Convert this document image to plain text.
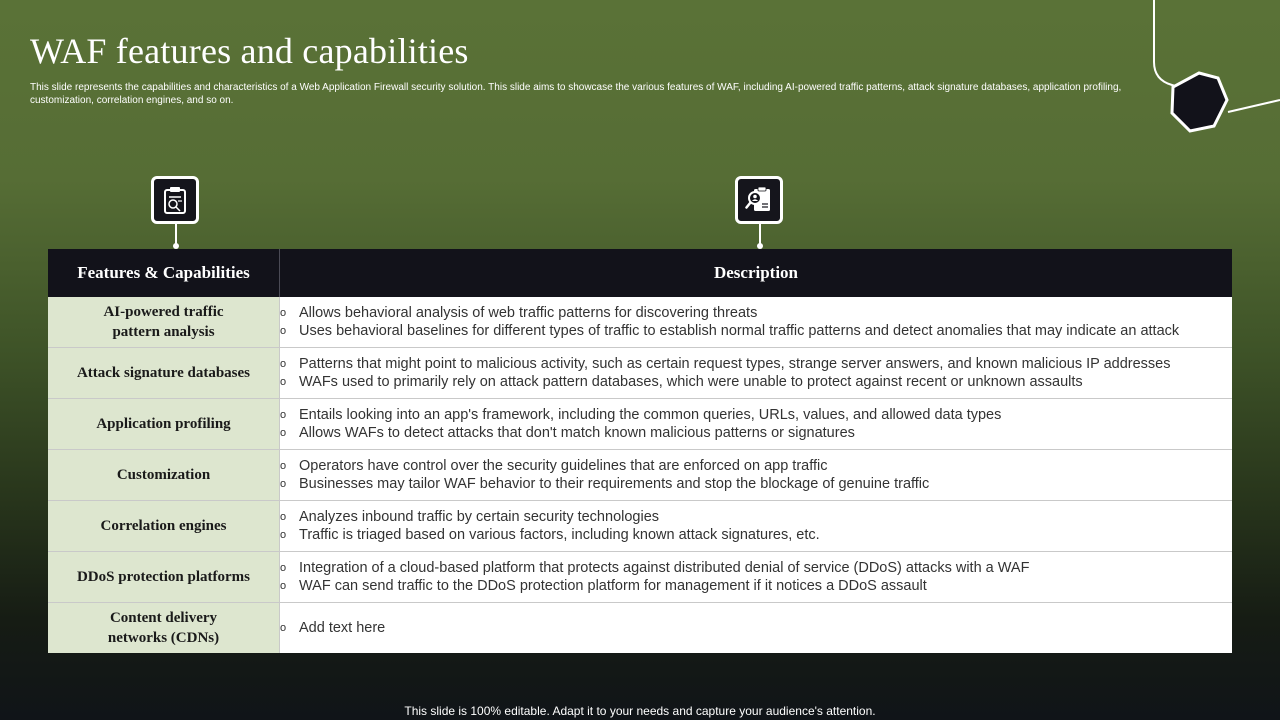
WAF features and capabilities
This slide represents the capabilities and characteristics of a Web Application Firewall security solution. This slide aims to showcase the various features of WAF, including AI-powered traffic patterns, attack signature databases, application profiling, customization, correlation engines, and so on.
Features & Capabilities	Description

AI-powered traffic pattern analysis	o Allows behavioral analysis of web traffic patterns for discovering threats
o Uses behavioral baselines for different types of traffic to establish normal traffic patterns and detect anomalies that may indicate an attack

Attack signature databases	o Patterns that might point to malicious activity, such as certain request types, strange server answers, and known malicious IP addresses
o WAFs used to primarily rely on attack pattern databases, which were unable to protect against recent or unknown assaults

Application profiling	o Entails looking into an app's framework, including the common queries, URLs, values, and allowed data types
o Allows WAFs to detect attacks that don't match known malicious patterns or signatures

Customization	o Operators have control over the security guidelines that are enforced on app traffic
o Businesses may tailor WAF behavior to their requirements and stop the blockage of genuine traffic

Correlation engines	o Analyzes inbound traffic by certain security technologies
o Traffic is triaged based on various factors, including known attack signatures, etc.

DDoS protection platforms	o Integration of a cloud-based platform that protects against distributed denial of service (DDoS) attacks with a WAF
o WAF can send traffic to the DDoS protection platform for management if it notices a DDoS assault

Content delivery networks (CDNs)	o Add text here
This slide is 100% editable. Adapt it to your needs and capture your audience's attention.
